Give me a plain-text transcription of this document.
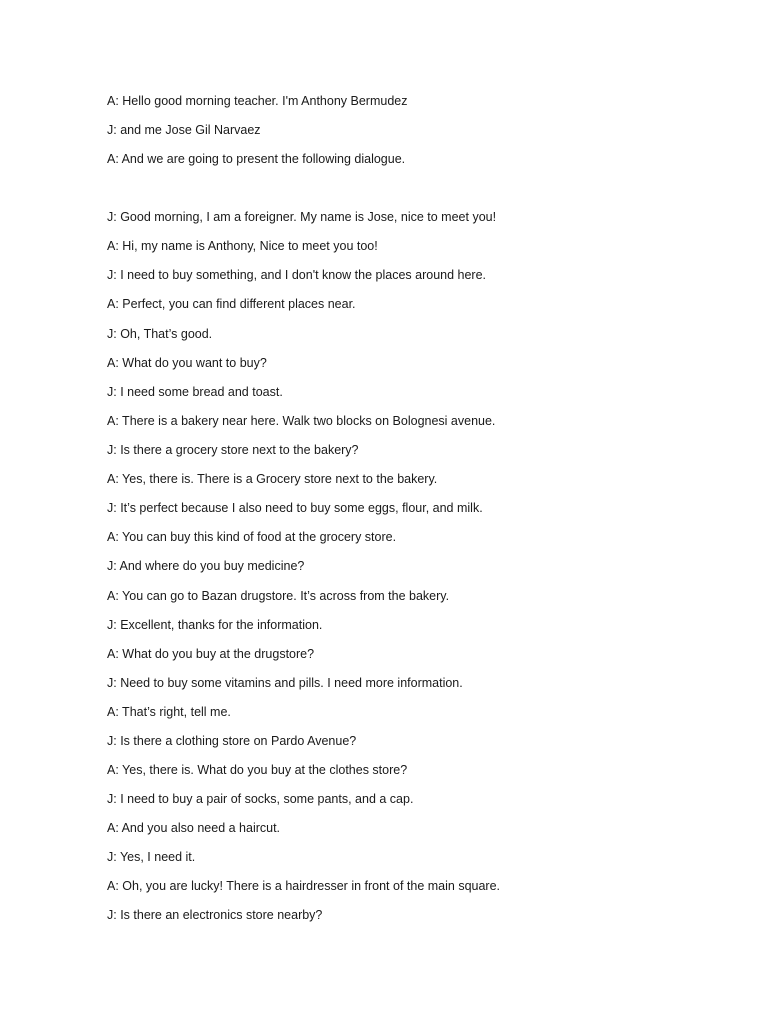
A: Hello good morning teacher. I'm Anthony Bermudez
J: and me Jose Gil Narvaez
A: And we are going to present the following dialogue.
J: Good morning, I am a foreigner. My name is Jose, nice to meet you!
A: Hi, my name is Anthony, Nice to meet you too!
J: I need to buy something, and I don't know the places around here.
A: Perfect, you can find different places near.
J: Oh, That’s good.
A: What do you want to buy?
J: I need some bread and toast.
A: There is a bakery near here. Walk two blocks on Bolognesi avenue.
J: Is there a grocery store next to the bakery?
A: Yes, there is. There is a Grocery store next to the bakery.
J: It’s perfect because I also need to buy some eggs, flour, and milk.
A: You can buy this kind of food at the grocery store.
J: And where do you buy medicine?
A: You can go to Bazan drugstore. It’s across from the bakery.
J: Excellent, thanks for the information.
A: What do you buy at the drugstore?
J: Need to buy some vitamins and pills. I need more information.
A: That’s right, tell me.
J: Is there a clothing store on Pardo Avenue?
A: Yes, there is. What do you buy at the clothes store?
J: I need to buy a pair of socks, some pants, and a cap.
A: And you also need a haircut.
J: Yes, I need it.
A: Oh, you are lucky! There is a hairdresser in front of the main square.
J: Is there an electronics store nearby?
